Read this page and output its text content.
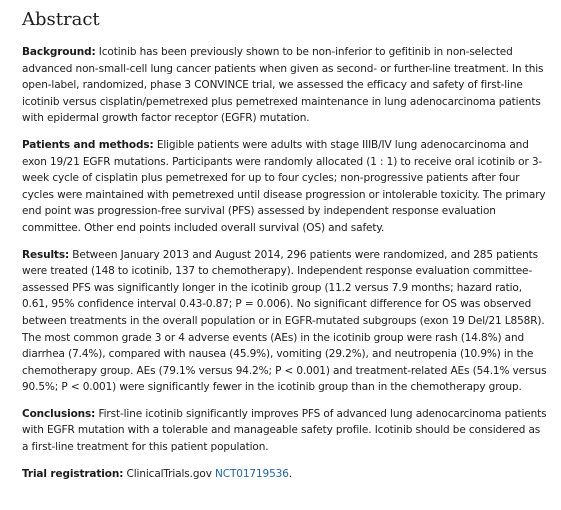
Abstract

Background: Icotinib has been previously shown to be non-inferior to gefitinib in non-selected advanced non-small-cell lung cancer patients when given as second- or further-line treatment. In this open-label, randomized, phase 3 CONVINCE trial, we assessed the efficacy and safety of first-line icotinib versus cisplatin/pemetrexed plus pemetrexed maintenance in lung adenocarcinoma patients with epidermal growth factor receptor (EGFR) mutation.

Patients and methods: Eligible patients were adults with stage IIIB/IV lung adenocarcinoma and exon 19/21 EGFR mutations. Participants were randomly allocated (1 : 1) to receive oral icotinib or 3-week cycle of cisplatin plus pemetrexed for up to four cycles; non-progressive patients after four cycles were maintained with pemetrexed until disease progression or intolerable toxicity. The primary end point was progression-free survival (PFS) assessed by independent response evaluation committee. Other end points included overall survival (OS) and safety.

Results: Between January 2013 and August 2014, 296 patients were randomized, and 285 patients were treated (148 to icotinib, 137 to chemotherapy). Independent response evaluation committee-assessed PFS was significantly longer in the icotinib group (11.2 versus 7.9 months; hazard ratio, 0.61, 95% confidence interval 0.43-0.87; P = 0.006). No significant difference for OS was observed between treatments in the overall population or in EGFR-mutated subgroups (exon 19 Del/21 L858R). The most common grade 3 or 4 adverse events (AEs) in the icotinib group were rash (14.8%) and diarrhea (7.4%), compared with nausea (45.9%), vomiting (29.2%), and neutropenia (10.9%) in the chemotherapy group. AEs (79.1% versus 94.2%; P < 0.001) and treatment-related AEs (54.1% versus 90.5%; P < 0.001) were significantly fewer in the icotinib group than in the chemotherapy group.

Conclusions: First-line icotinib significantly improves PFS of advanced lung adenocarcinoma patients with EGFR mutation with a tolerable and manageable safety profile. Icotinib should be considered as a first-line treatment for this patient population.

Trial registration: ClinicalTrials.gov NCT01719536.
